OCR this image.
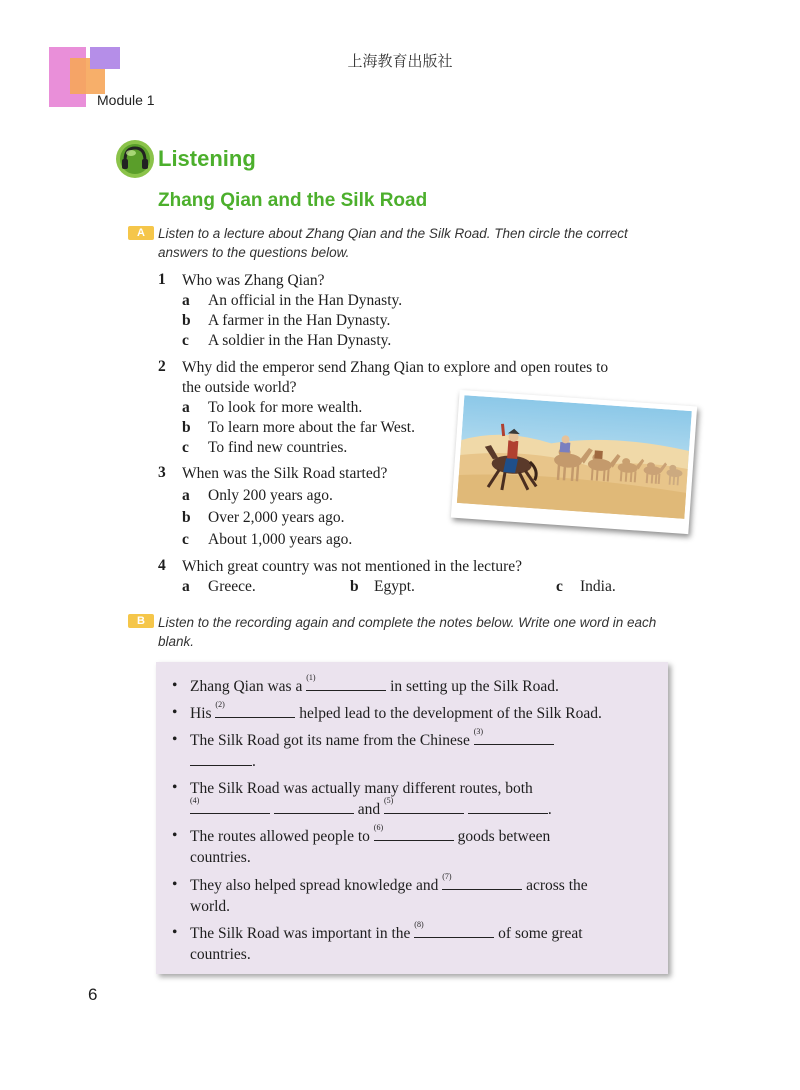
上海教育出版社
Module 1
Listening
Zhang Qian and the Silk Road
A Listen to a lecture about Zhang Qian and the Silk Road. Then circle the correct answers to the questions below.
1 Who was Zhang Qian?
a An official in the Han Dynasty.
b A farmer in the Han Dynasty.
c A soldier in the Han Dynasty.
2 Why did the emperor send Zhang Qian to explore and open routes to
the outside world?
a To look for more wealth.
b To learn more about the far West.
c To find new countries.
3 When was the Silk Road started?
a Only 200 years ago.
b Over 2,000 years ago.
c About 1,000 years ago.
4 Which great country was not mentioned in the lecture?
a Greece.	b Egypt.	c India.
B Listen to the recording again and complete the notes below. Write one word in each blank.
• Zhang Qian was a
(1)
in setting up the Silk Road.
• His
(2)
helped lead to the development of the Silk Road.
• The Silk Road got its name from the Chinese
(3)
.
• The Silk Road was actually many different routes, both
(4)
and
(5)
.
• The routes allowed people to
(6)
goods between
countries.
• They also helped spread knowledge and
(7)
across the
world.
• The Silk Road was important in the
(8)
of some great
countries.
6
